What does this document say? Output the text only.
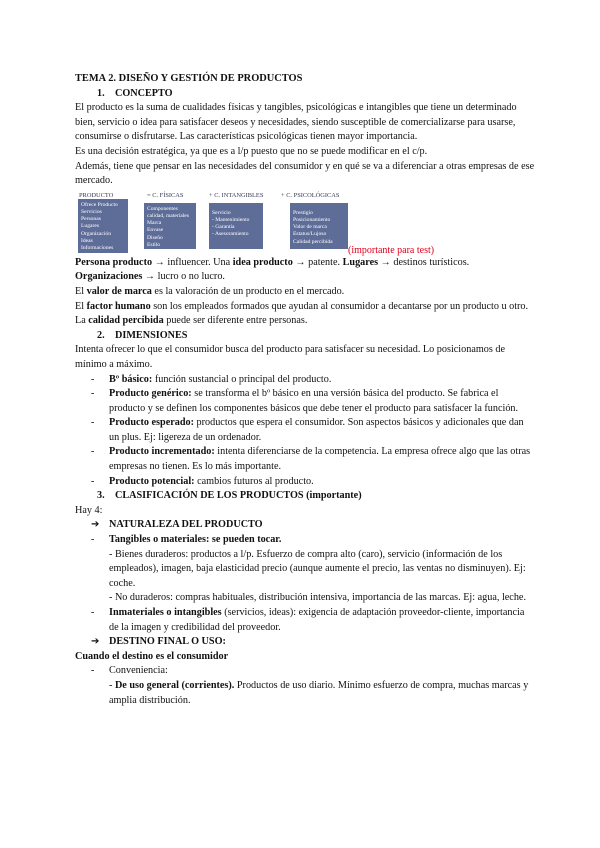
TEMA 2. DISEÑO Y GESTIÓN DE PRODUCTOS

1. CONCEPTO

El producto es la suma de cualidades físicas y tangibles, psicológicas e intangibles que tiene un determinado bien, servicio o idea para satisfacer deseos y necesidades, siendo susceptible de comercializarse para usarse, consumirse o disfrutarse. Las características psicológicas tienen mayor importancia.

Es una decisión estratégica, ya que es a l/p puesto que no se puede modificar en el c/p.

Además, tiene que pensar en las necesidades del consumidor y en qué se va a diferenciar a otras empresas de ese mercado.

PRODUCTO	= C. FÍSICAS	+ C. INTANGIBLES	+ C. PSICOLÓGICAS
Ofrece Producto
Servicios
Personas
Lugares
Organización
Ideas
Informaciones
Componentes
calidad, materiales
Marca
Envase
Diseño
Estilo
Servicio
- Mantenimiento
- Garantía
- Asesoramiento
Prestigio
Posicionamiento
Valor de marca
Estatus/Lujoso
Calidad percibida
(importante para test)

Persona producto → influencer. Una idea producto → patente. Lugares → destinos turísticos.

Organizaciones → lucro o no lucro.

El valor de marca es la valoración de un producto en el mercado.

El factor humano son los empleados formados que ayudan al consumidor a decantarse por un producto u otro. La calidad percibida puede ser diferente entre personas.

2. DIMENSIONES

Intenta ofrecer lo que el consumidor busca del producto para satisfacer su necesidad. Lo posicionamos de mínimo a máximo.

- Bº básico: función sustancial o principal del producto.
- Producto genérico: se transforma el bº básico en una versión básica del producto. Se fabrica el producto y se definen los componentes básicos que debe tener el producto para satisfacer la función.
- Producto esperado: productos que espera el consumidor. Son aspectos básicos y adicionales que dan un plus. Ej: ligereza de un ordenador.
- Producto incrementado: intenta diferenciarse de la competencia. La empresa ofrece algo que las otras empresas no tienen. Es lo más importante.
- Producto potencial: cambios futuros al producto.

3. CLASIFICACIÓN DE LOS PRODUCTOS (importante)

Hay 4:

➔ NATURALEZA DEL PRODUCTO
- Tangibles o materiales: se pueden tocar.

- Bienes duraderos: productos a l/p. Esfuerzo de compra alto (caro), servicio (información de los empleados), imagen, baja elasticidad precio (aunque aumente el precio, las ventas no disminuyen). Ej: coche.

- No duraderos: compras habituales, distribución intensiva, importancia de las marcas. Ej: agua, leche.

- Inmateriales o intangibles (servicios, ideas): exigencia de adaptación proveedor-cliente, importancia de la imagen y credibilidad del proveedor.
➔ DESTINO FINAL O USO:

Cuando el destino es el consumidor

- Conveniencia:

- De uso general (corrientes). Productos de uso diario. Mínimo esfuerzo de compra, muchas marcas y amplia distribución.
